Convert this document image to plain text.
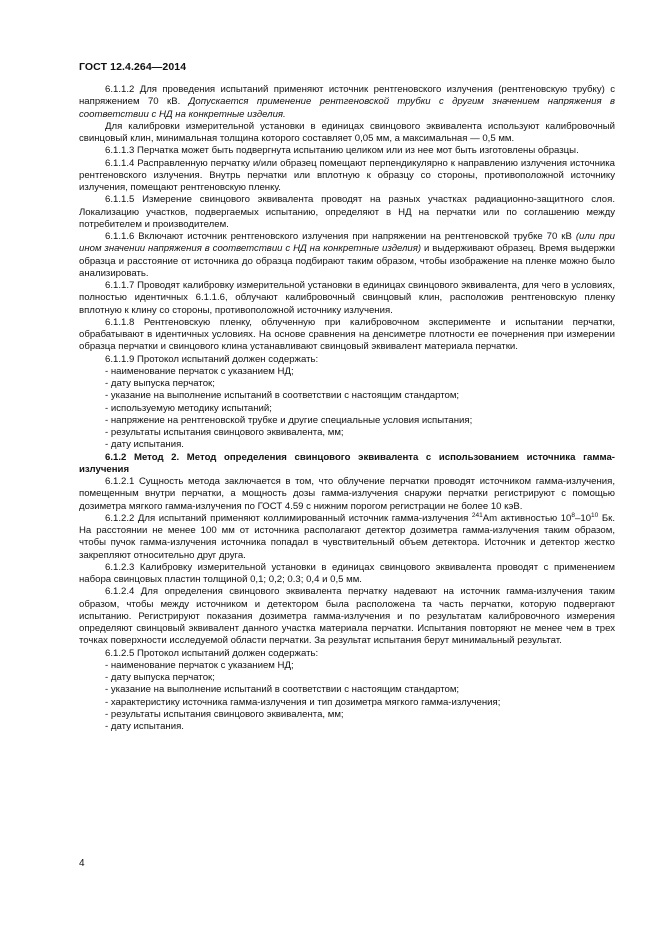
ГОСТ 12.4.264—2014

6.1.1.2 Для проведения испытаний применяют источник рентгеновского излучения (рентгеновскую трубку) с напряжением 70 кВ. Допускается применение рентгеновской трубки с другим значением напряжения в соответствии с НД на конкретные изделия.

Для калибровки измерительной установки в единицах свинцового эквивалента используют калибровочный свинцовый клин, минимальная толщина которого составляет 0,05 мм, а максимальная — 0,5 мм.

6.1.1.3 Перчатка может быть подвергнута испытанию целиком или из нее мот быть изготовлены образцы.

6.1.1.4 Расправленную перчатку и/или образец помещают перпендикулярно к направлению излучения источника рентгеновского излучения. Внутрь перчатки или вплотную к образцу со стороны, противоположной источнику излучения, помещают рентгеновскую пленку.

6.1.1.5 Измерение свинцового эквивалента проводят на разных участках радиационно-защитного слоя. Локализацию участков, подвергаемых испытанию, определяют в НД на перчатки или по соглашению между потребителем и производителем.

6.1.1.6 Включают источник рентгеновского излучения при напряжении на рентгеновской трубке 70 кВ (или при ином значении напряжения в соответствии с НД на конкретные изделия) и выдерживают образец. Время выдержки образца и расстояние от источника до образца подбирают таким образом, чтобы изображение на пленке можно было анализировать.

6.1.1.7 Проводят калибровку измерительной установки в единицах свинцового эквивалента, для чего в условиях, полностью идентичных 6.1.1.6, облучают калибровочный свинцовый клин, расположив рентгеновскую пленку вплотную к клину со стороны, противоположной источнику излучения.

6.1.1.8 Рентгеновскую пленку, облученную при калибровочном эксперименте и испытании перчатки, обрабатывают в идентичных условиях. На основе сравнения на денсиметре плотности ее почернения при измерении образца перчатки и свинцового клина устанавливают свинцовый эквивалент материала перчатки.

6.1.1.9 Протокол испытаний должен содержать:

- наименование перчаток с указанием НД;

- дату выпуска перчаток;

- указание на выполнение испытаний в соответствии с настоящим стандартом;

- используемую методику испытаний;

- напряжение на рентгеновской трубке и другие специальные условия испытания;

- результаты испытания свинцового эквивалента, мм;

- дату испытания.

6.1.2 Метод 2. Метод определения свинцового эквивалента с использованием источника гамма-излучения

6.1.2.1 Сущность метода заключается в том, что облучение перчатки проводят источником гамма-излучения, помещенным внутри перчатки, а мощность дозы гамма-излучения снаружи перчатки регистрируют с помощью дозиметра мягкого гамма-излучения по ГОСТ 4.59 с нижним порогом регистрации не более 10 кэВ.

6.1.2.2 Для испытаний применяют коллимированный источник гамма-излучения $^{241}$Am активностью $10^8-10^{10}$ Бк. На расстоянии не менее 100 мм от источника располагают детектор дозиметра гамма-излучения таким образом, чтобы пучок гамма-излучения источника попадал в чувствительный объем детектора. Источник и детектор жестко закрепляют относительно друг друга.

6.1.2.3 Калибровку измерительной установки в единицах свинцового эквивалента проводят с применением набора свинцовых пластин толщиной 0,1; 0,2; 0.3; 0,4 и 0,5 мм.

6.1.2.4 Для определения свинцового эквивалента перчатку надевают на источник гамма-излучения таким образом, чтобы между источником и детектором была расположена та часть перчатки, которую подвергают испытанию. Регистрируют показания дозиметра гамма-излучения и по результатам калибровочного измерения определяют свинцовый эквивалент данного участка материала перчатки. Испытания повторяют не менее чем в трех точках поверхности исследуемой области перчатки. За результат испытания берут минимальный результат.

6.1.2.5 Протокол испытаний должен содержать:

- наименование перчаток с указанием НД;

- дату выпуска перчаток;

- указание на выполнение испытаний в соответствии с настоящим стандартом;

- характеристику источника гамма-излучения и тип дозиметра мягкого гамма-излучения;

- результаты испытания свинцового эквивалента, мм;

- дату испытания.

4
